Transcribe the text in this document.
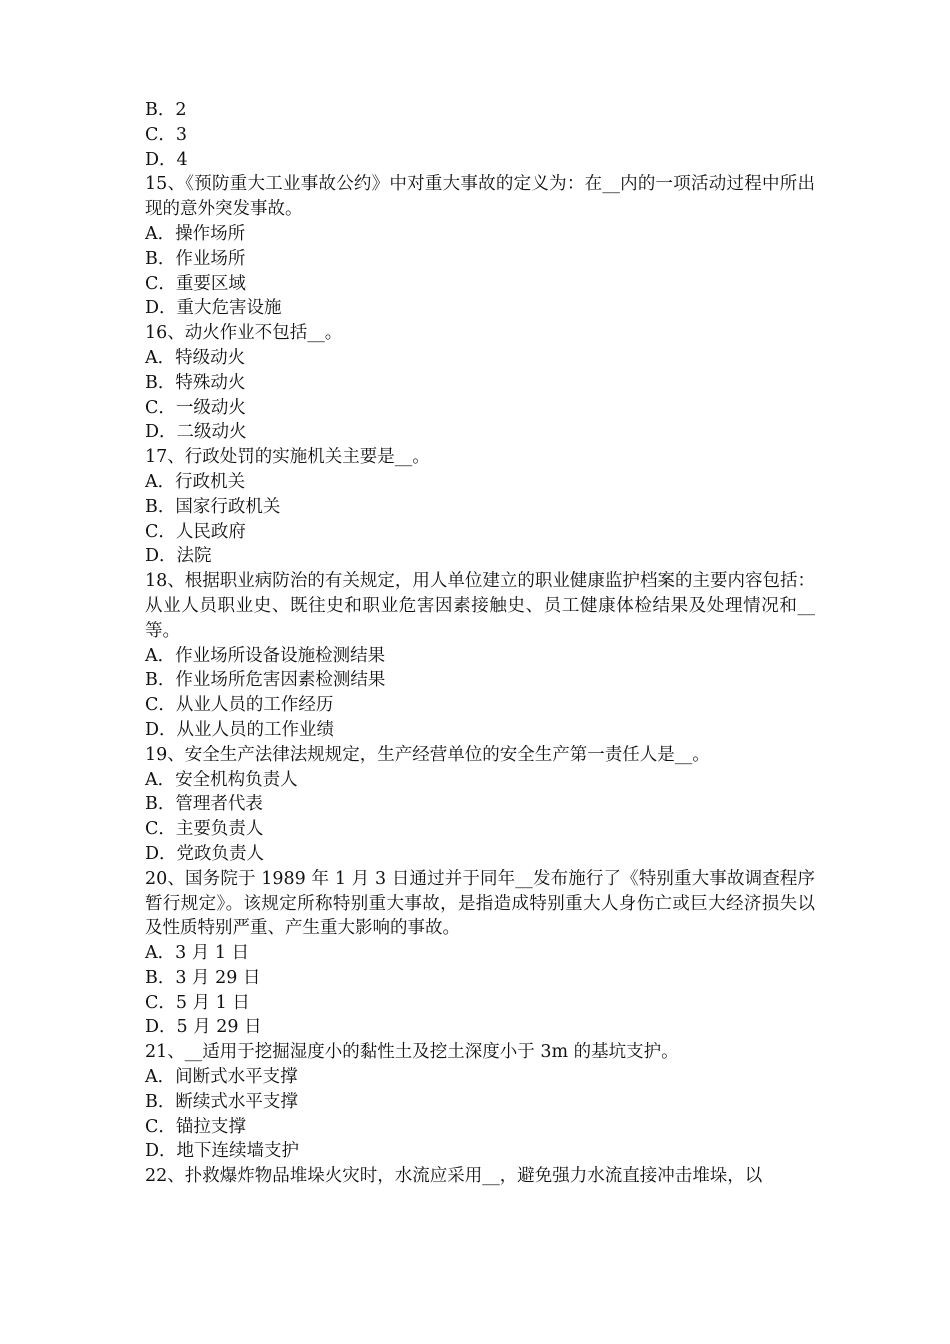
B．2

C．3

D．4

15、《预防重大工业事故公约》中对重大事故的定义为：在__内的一项活动过程中所出现的意外突发事故。

A．操作场所

B．作业场所

C．重要区域

D．重大危害设施

16、动火作业不包括__。

A．特级动火

B．特殊动火

C．一级动火

D．二级动火

17、行政处罚的实施机关主要是__。

A．行政机关

B．国家行政机关

C．人民政府

D．法院

18、根据职业病防治的有关规定，用人单位建立的职业健康监护档案的主要内容包括：从业人员职业史、既往史和职业危害因素接触史、员工健康体检结果及处理情况和__等。

A．作业场所设备设施检测结果

B．作业场所危害因素检测结果

C．从业人员的工作经历

D．从业人员的工作业绩

19、安全生产法律法规规定，生产经营单位的安全生产第一责任人是__。

A．安全机构负责人

B．管理者代表

C．主要负责人

D．党政负责人

20、国务院于 1989 年 1 月 3 日通过并于同年__发布施行了《特别重大事故调查程序暂行规定》。该规定所称特别重大事故，是指造成特别重大人身伤亡或巨大经济损失以及性质特别严重、产生重大影响的事故。

A．3 月 1 日

B．3 月 29 日

C．5 月 1 日

D．5 月 29 日

21、__适用于挖掘湿度小的黏性土及挖土深度小于 3m 的基坑支护。

A．间断式水平支撑

B．断续式水平支撑

C．锚拉支撑

D．地下连续墙支护

22、扑救爆炸物品堆垛火灾时，水流应采用__，避免强力水流直接冲击堆垛，以
